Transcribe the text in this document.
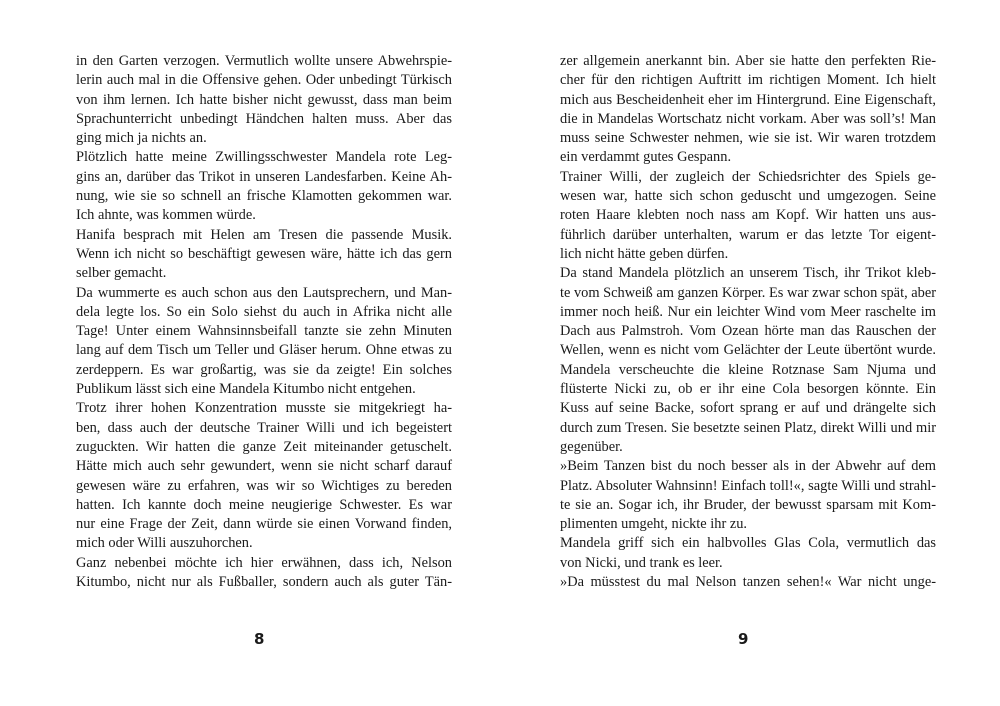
in den Garten verzogen. Vermutlich wollte unsere Abwehrspie-
lerin auch mal in die Offensive gehen. Oder unbedingt Türkisch
von ihm lernen. Ich hatte bisher nicht gewusst, dass man beim
Sprachunterricht unbedingt Händchen halten muss. Aber das
ging mich ja nichts an.
Plötzlich hatte meine Zwillingsschwester Mandela rote Leg-
gins an, darüber das Trikot in unseren Landesfarben. Keine Ah-
nung, wie sie so schnell an frische Klamotten gekommen war.
Ich ahnte, was kommen würde.
Hanifa besprach mit Helen am Tresen die passende Musik.
Wenn ich nicht so beschäftigt gewesen wäre, hätte ich das gern
selber gemacht.
Da wummerte es auch schon aus den Lautsprechern, und Man-
dela legte los. So ein Solo siehst du auch in Afrika nicht alle
Tage! Unter einem Wahnsinnsbeifall tanzte sie zehn Minuten
lang auf dem Tisch um Teller und Gläser herum. Ohne etwas zu
zerdeppern. Es war großartig, was sie da zeigte! Ein solches
Publikum lässt sich eine Mandela Kitumbo nicht entgehen.
Trotz ihrer hohen Konzentration musste sie mitgekriegt ha-
ben, dass auch der deutsche Trainer Willi und ich begeistert
zuguckten. Wir hatten die ganze Zeit miteinander getuschelt.
Hätte mich auch sehr gewundert, wenn sie nicht scharf darauf
gewesen wäre zu erfahren, was wir so Wichtiges zu bereden
hatten. Ich kannte doch meine neugierige Schwester. Es war
nur eine Frage der Zeit, dann würde sie einen Vorwand finden,
mich oder Willi auszuhorchen.
Ganz nebenbei möchte ich hier erwähnen, dass ich, Nelson
Kitumbo, nicht nur als Fußballer, sondern auch als guter Tän-
zer allgemein anerkannt bin. Aber sie hatte den perfekten Rie-
cher für den richtigen Auftritt im richtigen Moment. Ich hielt
mich aus Bescheidenheit eher im Hintergrund. Eine Eigenschaft,
die in Mandelas Wortschatz nicht vorkam. Aber was soll’s! Man
muss seine Schwester nehmen, wie sie ist. Wir waren trotzdem
ein verdammt gutes Gespann.
Trainer Willi, der zugleich der Schiedsrichter des Spiels ge-
wesen war, hatte sich schon geduscht und umgezogen. Seine
roten Haare klebten noch nass am Kopf. Wir hatten uns aus-
führlich darüber unterhalten, warum er das letzte Tor eigent-
lich nicht hätte geben dürfen.
Da stand Mandela plötzlich an unserem Tisch, ihr Trikot kleb-
te vom Schweiß am ganzen Körper. Es war zwar schon spät, aber
immer noch heiß. Nur ein leichter Wind vom Meer raschelte im
Dach aus Palmstroh. Vom Ozean hörte man das Rauschen der
Wellen, wenn es nicht vom Gelächter der Leute übertönt wurde.
Mandela verscheuchte die kleine Rotznase Sam Njuma und
flüsterte Nicki zu, ob er ihr eine Cola besorgen könnte. Ein
Kuss auf seine Backe, sofort sprang er auf und drängelte sich
durch zum Tresen. Sie besetzte seinen Platz, direkt Willi und mir
gegenüber.
»Beim Tanzen bist du noch besser als in der Abwehr auf dem
Platz. Absoluter Wahnsinn! Einfach toll!«, sagte Willi und strahl-
te sie an. Sogar ich, ihr Bruder, der bewusst sparsam mit Kom-
plimenten umgeht, nickte ihr zu.
Mandela griff sich ein halbvolles Glas Cola, vermutlich das
von Nicki, und trank es leer.
»Da müsstest du mal Nelson tanzen sehen!« War nicht unge-
8	9
